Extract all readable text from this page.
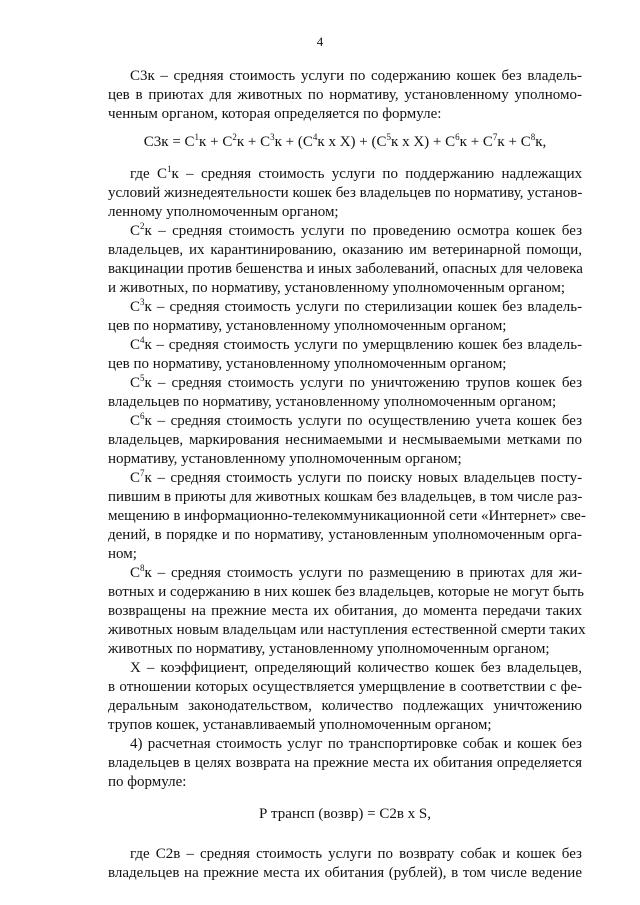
4
С3к – средняя стоимость услуги по содержанию кошек без владель-
цев в приютах для животных по нормативу, установленному уполномо-
ченным органом, которая определяется по формуле:
$С3к = С^1к + С^2к + С^3к + (С^4к$ х $X) + (С^5к$ х $X) + С^6к + С^7к + С^8к$,
где $С^1к$ – средняя стоимость услуги по поддержанию надлежащих
условий жизнедеятельности кошек без владельцев по нормативу, установ-
ленному уполномоченным органом;
$С^2к$ – средняя стоимость услуги по проведению осмотра кошек без
владельцев, их карантинированию, оказанию им ветеринарной помощи,
вакцинации против бешенства и иных заболеваний, опасных для человека
и животных, по нормативу, установленному уполномоченным органом;
$С^3к$ – средняя стоимость услуги по стерилизации кошек без владель-
цев по нормативу, установленному уполномоченным органом;
$С^4к$ – средняя стоимость услуги по умерщвлению кошек без владель-
цев по нормативу, установленному уполномоченным органом;
$С^5к$ – средняя стоимость услуги по уничтожению трупов кошек без
владельцев по нормативу, установленному уполномоченным органом;
$С^6к$ – средняя стоимость услуги по осуществлению учета кошек без
владельцев, маркирования неснимаемыми и несмываемыми метками по
нормативу, установленному уполномоченным органом;
$С^7к$ – средняя стоимость услуги по поиску новых владельцев посту-
пившим в приюты для животных кошкам без владельцев, в том числе раз-
мещению в информационно-телекоммуникационной сети «Интернет» све-
дений, в порядке и по нормативу, установленным уполномоченным орга-
ном;
$С^8к$ – средняя стоимость услуги по размещению в приютах для жи-
вотных и содержанию в них кошек без владельцев, которые не могут быть
возвращены на прежние места их обитания, до момента передачи таких
животных новым владельцам или наступления естественной смерти таких
животных по нормативу, установленному уполномоченным органом;
X – коэффициент, определяющий количество кошек без владельцев,
в отношении которых осуществляется умерщвление в соответствии с фе-
деральным законодательством, количество подлежащих уничтожению
трупов кошек, устанавливаемый уполномоченным органом;
4) расчетная стоимость услуг по транспортировке собак и кошек без
владельцев в целях возврата на прежние места их обитания определяется
по формуле:
Р трансп (возвр) = С2в х S,
где С2в – средняя стоимость услуги по возврату собак и кошек без
владельцев на прежние места их обитания (рублей), в том числе ведение
